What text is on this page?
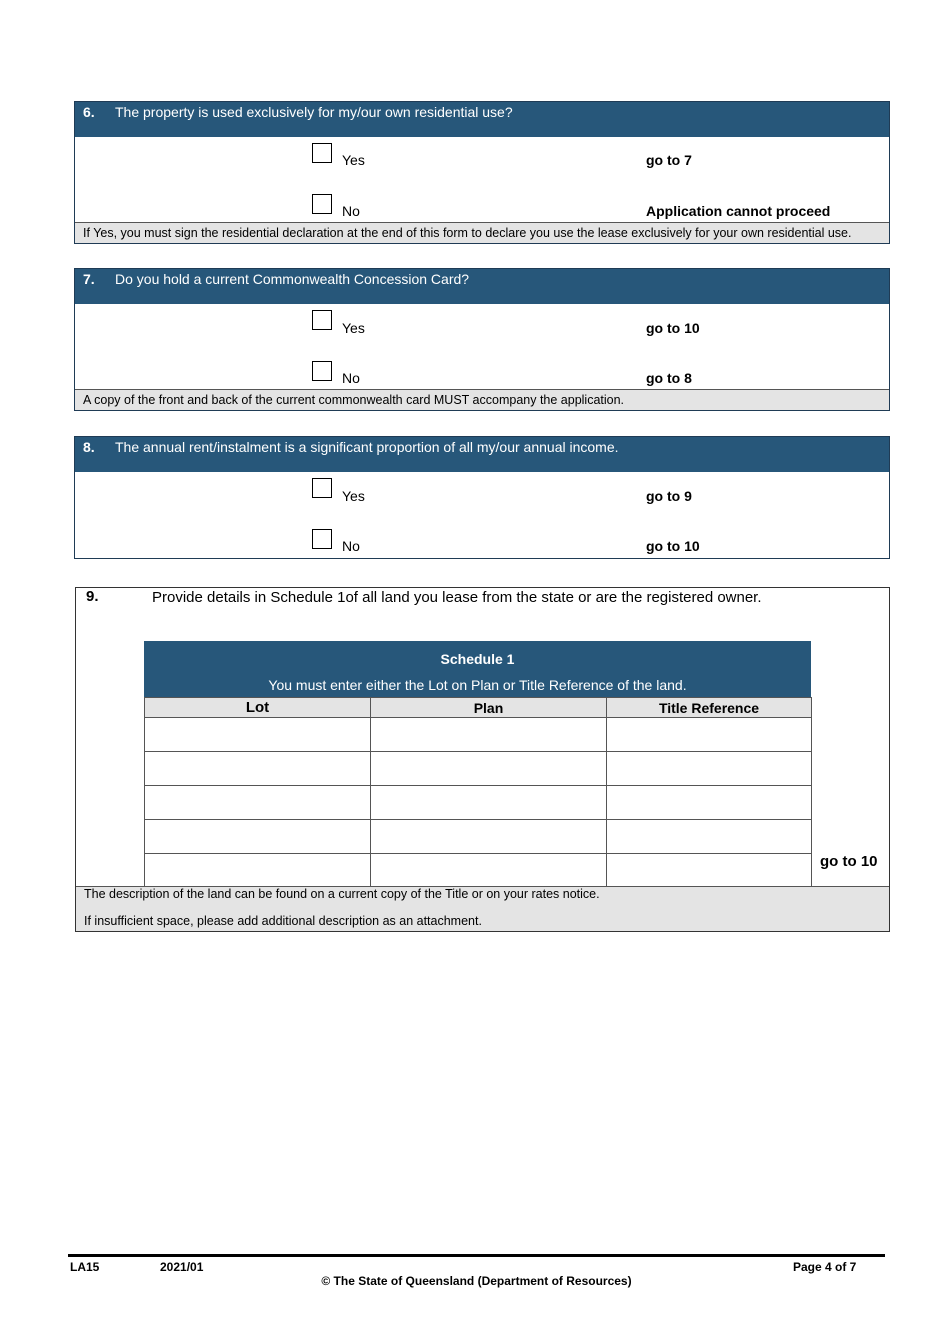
6.	The property is used exclusively for my/our own residential use?
Yes	go to 7
No	Application cannot proceed
If Yes, you must sign the residential declaration at the end of this form to declare you use the lease exclusively for your own residential use.
7.	Do you hold a current Commonwealth Concession Card?
Yes	go to 10
No	go to 8
A copy of the front and back of the current commonwealth card MUST accompany the application.
8.	The annual rent/instalment is a significant proportion of all my/our annual income.
Yes	go to 9
No	go to 10
9.	Provide details in Schedule 1of all land you lease from the state or are the registered owner.
Schedule 1
You must enter either the Lot on Plan or Title Reference of the land.
Lot	Plan	Title Reference

go to 10
The description of the land can be found on a current copy of the Title or on your rates notice.
If insufficient space, please add additional description as an attachment.
LA15	2021/01	Page 4 of 7
© The State of Queensland (Department of Resources)
